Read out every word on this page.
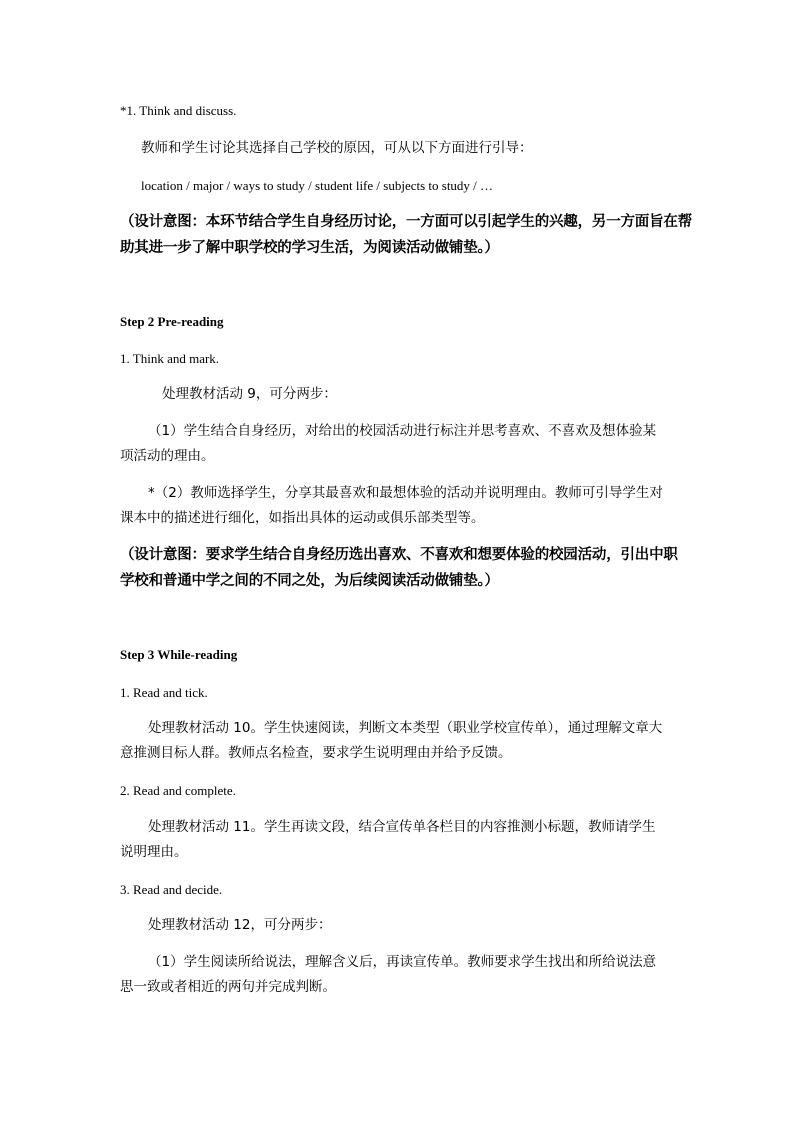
*1. Think and discuss.
教师和学生讨论其选择自己学校的原因，可从以下方面进行引导：
location / major / ways to study / student life / subjects to study / …
（设计意图：本环节结合学生自身经历讨论，一方面可以引起学生的兴趣，另一方面旨在帮
助其进一步了解中职学校的学习生活，为阅读活动做铺垫。）
Step 2 Pre-reading
1. Think and mark.
处理教材活动 9，可分两步：
（1）学生结合自身经历，对给出的校园活动进行标注并思考喜欢、不喜欢及想体验某
项活动的理由。
*（2）教师选择学生，分享其最喜欢和最想体验的活动并说明理由。教师可引导学生对
课本中的描述进行细化，如指出具体的运动或俱乐部类型等。
（设计意图：要求学生结合自身经历选出喜欢、不喜欢和想要体验的校园活动，引出中职
学校和普通中学之间的不同之处，为后续阅读活动做铺垫。）
Step 3 While-reading
1. Read and tick.
处理教材活动 10。学生快速阅读，判断文本类型（职业学校宣传单），通过理解文章大
意推测目标人群。教师点名检查，要求学生说明理由并给予反馈。
2. Read and complete.
处理教材活动 11。学生再读文段，结合宣传单各栏目的内容推测小标题，教师请学生
说明理由。
3. Read and decide.
处理教材活动 12，可分两步：
（1）学生阅读所给说法，理解含义后，再读宣传单。教师要求学生找出和所给说法意
思一致或者相近的两句并完成判断。
